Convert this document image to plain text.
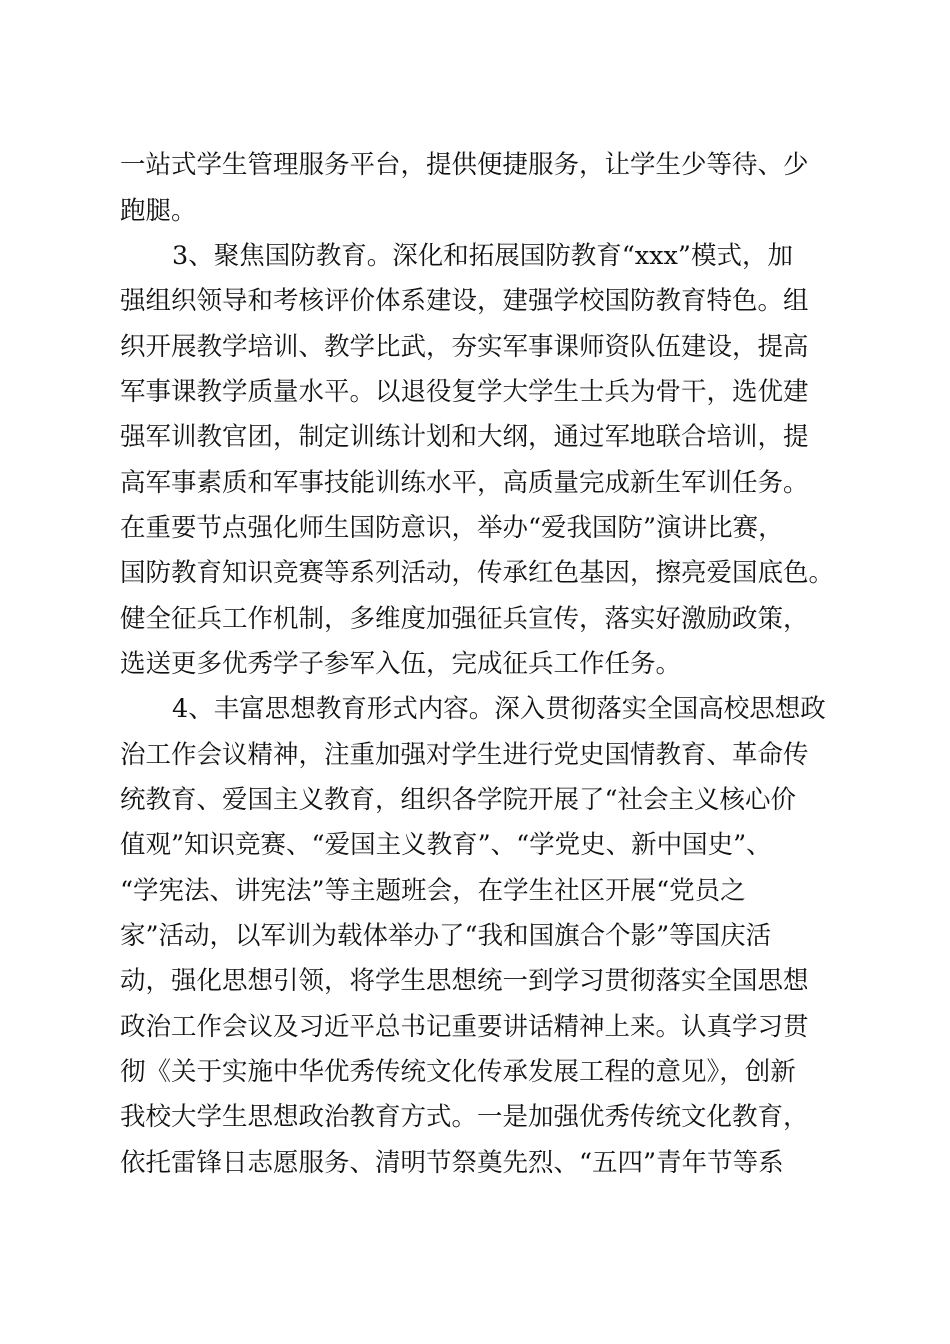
一站式学生管理服务平台，提供便捷服务，让学生少等待、少
跑腿。
3、聚焦国防教育。深化和拓展国防教育“xxx”模式，加
强组织领导和考核评价体系建设，建强学校国防教育特色。组
织开展教学培训、教学比武，夯实军事课师资队伍建设，提高
军事课教学质量水平。以退役复学大学生士兵为骨干，选优建
强军训教官团，制定训练计划和大纲，通过军地联合培训，提
高军事素质和军事技能训练水平，高质量完成新生军训任务。
在重要节点强化师生国防意识，举办“爱我国防”演讲比赛，
国防教育知识竞赛等系列活动，传承红色基因，擦亮爱国底色。
健全征兵工作机制，多维度加强征兵宣传，落实好激励政策，
选送更多优秀学子参军入伍，完成征兵工作任务。
4、丰富思想教育形式内容。深入贯彻落实全国高校思想政
治工作会议精神，注重加强对学生进行党史国情教育、革命传
统教育、爱国主义教育，组织各学院开展了“社会主义核心价
值观”知识竞赛、“爱国主义教育”、“学党史、新中国史”、
“学宪法、讲宪法”等主题班会，在学生社区开展“党员之
家”活动，以军训为载体举办了“我和国旗合个影”等国庆活
动，强化思想引领，将学生思想统一到学习贯彻落实全国思想
政治工作会议及习近平总书记重要讲话精神上来。认真学习贯
彻《关于实施中华优秀传统文化传承发展工程的意见》，创新
我校大学生思想政治教育方式。一是加强优秀传统文化教育，
依托雷锋日志愿服务、清明节祭奠先烈、“五四”青年节等系
